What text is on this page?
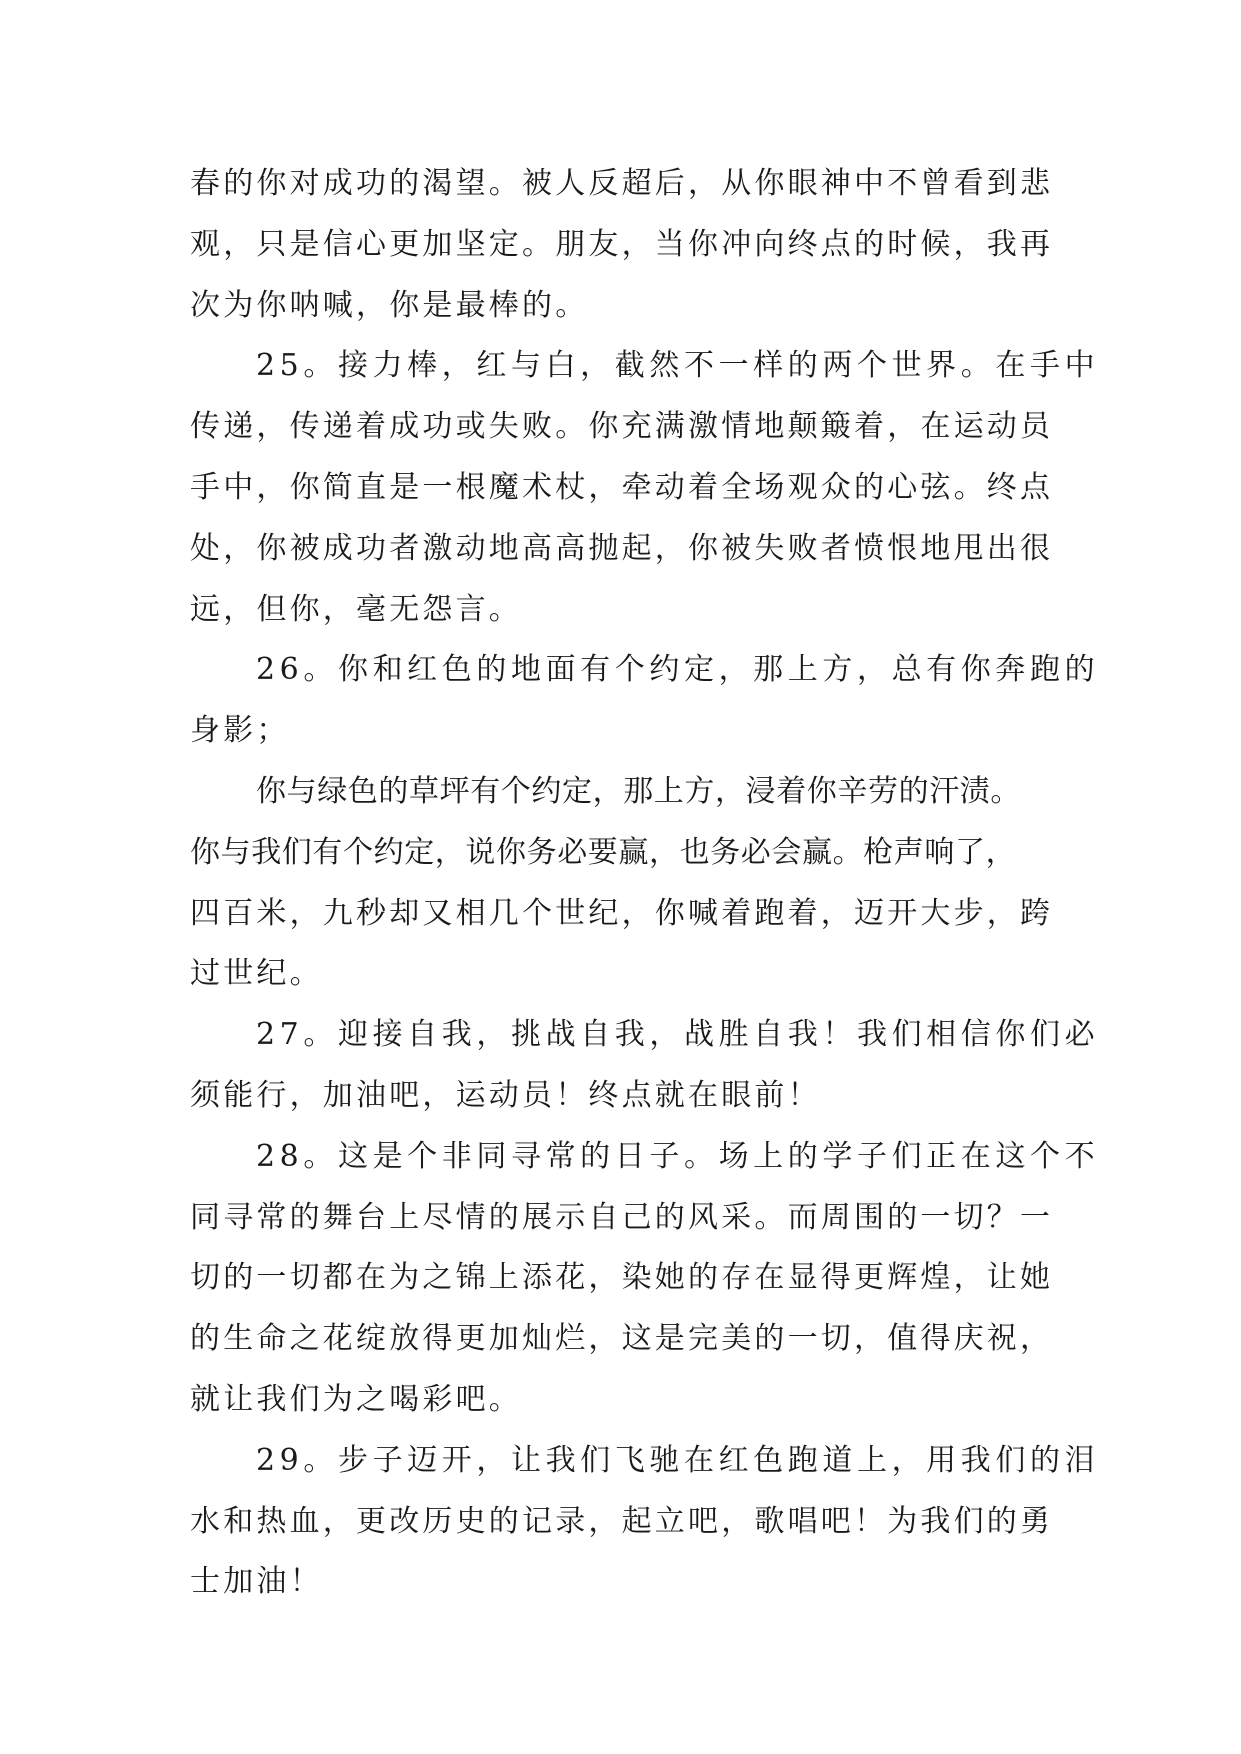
春的你对成功的渴望。被人反超后，从你眼神中不曾看到悲
观，只是信心更加坚定。朋友，当你冲向终点的时候，我再
次为你呐喊，你是最棒的。
25。接力棒，红与白，截然不一样的两个世界。在手中
传递，传递着成功或失败。你充满激情地颠簸着，在运动员
手中，你简直是一根魔术杖，牵动着全场观众的心弦。终点
处，你被成功者激动地高高抛起，你被失败者愤恨地甩出很
远，但你，毫无怨言。
26。你和红色的地面有个约定，那上方，总有你奔跑的
身影；
你与绿色的草坪有个约定，那上方，浸着你辛劳的汗渍。
你与我们有个约定，说你务必要赢，也务必会赢。枪声响了，
四百米，九秒却又相几个世纪，你喊着跑着，迈开大步，跨
过世纪。
27。迎接自我，挑战自我，战胜自我！我们相信你们必
须能行，加油吧，运动员！终点就在眼前！
28。这是个非同寻常的日子。场上的学子们正在这个不
同寻常的舞台上尽情的展示自己的风采。而周围的一切？一
切的一切都在为之锦上添花，染她的存在显得更辉煌，让她
的生命之花绽放得更加灿烂，这是完美的一切，值得庆祝，
就让我们为之喝彩吧。
29。步子迈开，让我们飞驰在红色跑道上，用我们的泪
水和热血，更改历史的记录，起立吧，歌唱吧！为我们的勇
士加油！
